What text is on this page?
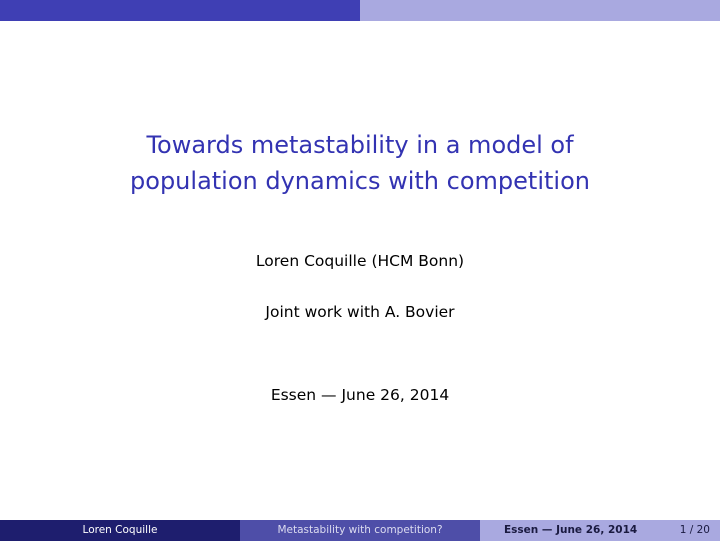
Towards metastability in a model of
population dynamics with competition
Loren Coquille (HCM Bonn)
Joint work with A. Bovier
Essen — June 26, 2014
Loren Coquille	Metastability with competition?	Essen — June 26, 2014	1 / 20
